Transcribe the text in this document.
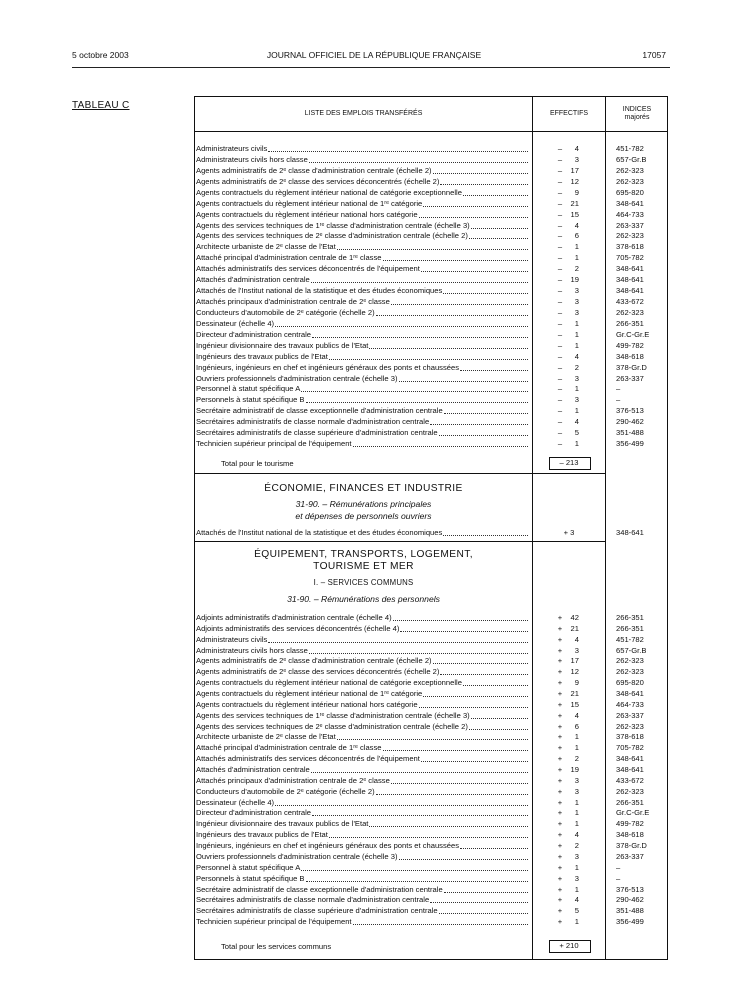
5 octobre 2003	JOURNAL OFFICIEL DE LA RÉPUBLIQUE FRANÇAISE	17057
TABLEAU C
LISTE DES EMPLOIS TRANSFÉRÉS	EFFECTIFS
INDICES
majorés
Administrateurs civils	–	4	451-782
Administrateurs civils hors classe	–	3	657-Gr.B
Agents administratifs de 2ᵉ classe d'administration centrale (échelle 2)	–	17	262-323
Agents administratifs de 2ᵉ classe des services déconcentrés (échelle 2)	–	12	262-323
Agents contractuels du règlement intérieur national de catégorie exceptionnelle	–	9	695-820
Agents contractuels du règlement intérieur national de 1ʳᵉ catégorie	–	21	348-641
Agents contractuels du règlement intérieur national hors catégorie	–	15	464-733
Agents des services techniques de 1ʳᵉ classe d'administration centrale (échelle 3)	–	4	263-337
Agents des services techniques de 2ᵉ classe d'administration centrale (échelle 2)	–	6	262-323
Architecte urbaniste de 2ᵉ classe de l'Etat	–	1	378-618
Attaché principal d'administration centrale de 1ʳᵉ classe	–	1	705-782
Attachés administratifs des services déconcentrés de l'équipement	–	2	348-641
Attachés d'administration centrale	–	19	348-641
Attachés de l'Institut national de la statistique et des études économiques	–	3	348-641
Attachés principaux d'administration centrale de 2ᵉ classe	–	3	433-672
Conducteurs d'automobile de 2ᵉ catégorie (échelle 2)	–	3	262-323
Dessinateur (échelle 4)	–	1	266-351
Directeur d'administration centrale	–	1	Gr.C-Gr.E
Ingénieur divisionnaire des travaux publics de l'Etat	–	1	499-782
Ingénieurs des travaux publics de l'Etat	–	4	348-618
Ingénieurs, ingénieurs en chef et ingénieurs généraux des ponts et chaussées	–	2	378-Gr.D
Ouvriers professionnels d'administration centrale (échelle 3)	–	3	263-337
Personnel à statut spécifique A	–	1	–
Personnels à statut spécifique B	–	3	–
Secrétaire administratif de classe exceptionnelle d'administration centrale	–	1	376-513
Secrétaires administratifs de classe normale d'administration centrale	–	4	290-462
Secrétaires administratifs de classe supérieure d'administration centrale	–	5	351-488
Technicien supérieur principal de l'équipement	–	1	356-499
Total pour le tourisme	– 213
ÉCONOMIE, FINANCES ET INDUSTRIE
31-90. – Rémunérations principales
et dépenses de personnels ouvriers
Attachés de l'Institut national de la statistique et des études économiques	+ 3	348-641
ÉQUIPEMENT, TRANSPORTS, LOGEMENT,
TOURISME ET MER
I. – SERVICES COMMUNS
31-90. – Rémunérations des personnels
Adjoints administratifs d'administration centrale (échelle 4)	+	42	266-351
Adjoints administratifs des services déconcentrés (échelle 4)	+	21	266-351
Administrateurs civils	+	4	451-782
Administrateurs civils hors classe	+	3	657-Gr.B
Agents administratifs de 2ᵉ classe d'administration centrale (échelle 2)	+	17	262-323
Agents administratifs de 2ᵉ classe des services déconcentrés (échelle 2)	+	12	262-323
Agents contractuels du règlement intérieur national de catégorie exceptionnelle	+	9	695-820
Agents contractuels du règlement intérieur national de 1ʳᵉ catégorie	+	21	348-641
Agents contractuels du règlement intérieur national hors catégorie	+	15	464-733
Agents des services techniques de 1ʳᵉ classe d'administration centrale (échelle 3)	+	4	263-337
Agents des services techniques de 2ᵉ classe d'administration centrale (échelle 2)	+	6	262-323
Architecte urbaniste de 2ᵉ classe de l'Etat	+	1	378-618
Attaché principal d'administration centrale de 1ʳᵉ classe	+	1	705-782
Attachés administratifs des services déconcentrés de l'équipement	+	2	348-641
Attachés d'administration centrale	+	19	348-641
Attachés principaux d'administration centrale de 2ᵉ classe	+	3	433-672
Conducteurs d'automobile de 2ᵉ catégorie (échelle 2)	+	3	262-323
Dessinateur (échelle 4)	+	1	266-351
Directeur d'administration centrale	+	1	Gr.C-Gr.E
Ingénieur divisionnaire des travaux publics de l'Etat	+	1	499-782
Ingénieurs des travaux publics de l'Etat	+	4	348-618
Ingénieurs, ingénieurs en chef et ingénieurs généraux des ponts et chaussées	+	2	378-Gr.D
Ouvriers professionnels d'administration centrale (échelle 3)	+	3	263-337
Personnel à statut spécifique A	+	1	–
Personnels à statut spécifique B	+	3	–
Secrétaire administratif de classe exceptionnelle d'administration centrale	+	1	376-513
Secrétaires administratifs de classe normale d'administration centrale	+	4	290-462
Secrétaires administratifs de classe supérieure d'administration centrale	+	5	351-488
Technicien supérieur principal de l'équipement	+	1	356-499
Total pour les services communs	+ 210
